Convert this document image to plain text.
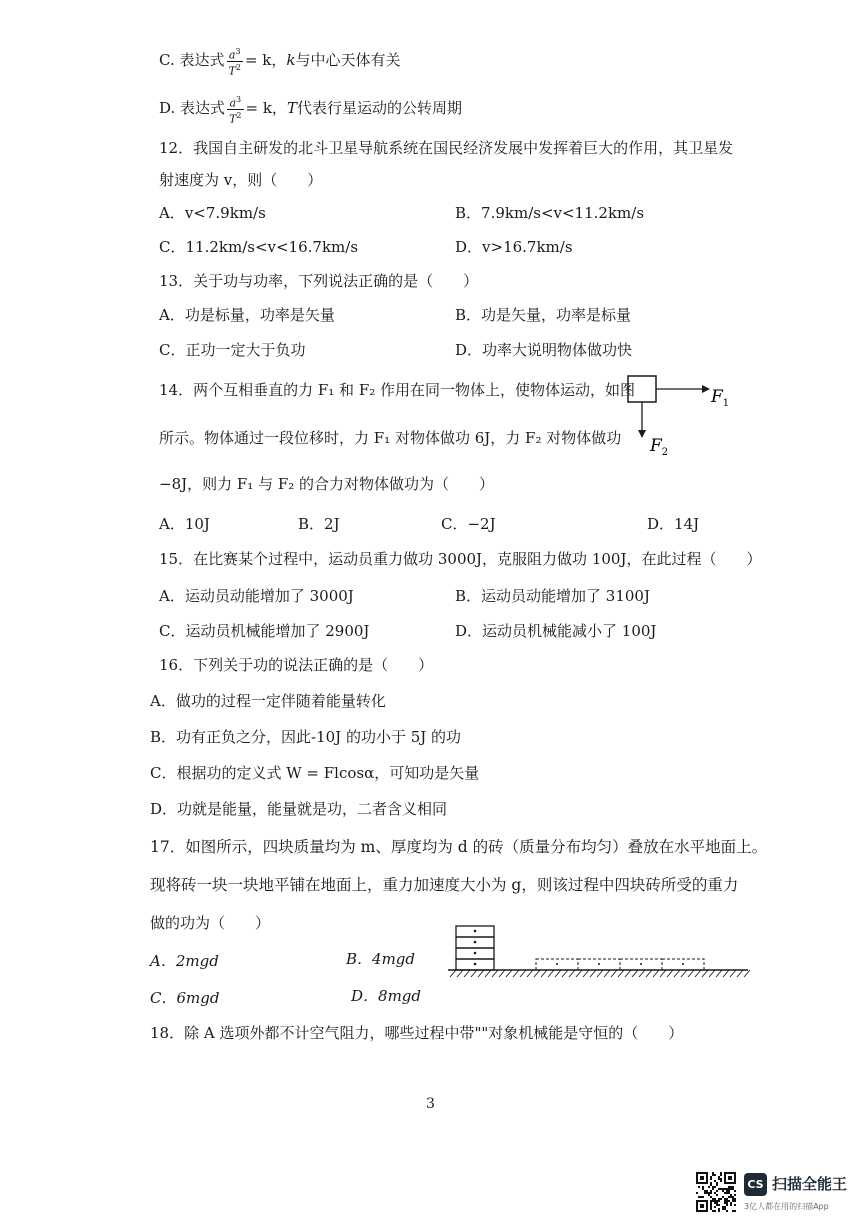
C. 表达式 $\frac{a^3}{T^2} = k$，k与中心天体有关
D. 表达式 $\frac{a^3}{T^2} = k$，T代表行星运动的公转周期
12．我国自主研发的北斗卫星导航系统在国民经济发展中发挥着巨大的作用，其卫星发
射速度为 v，则（　　）
A．v<7.9km/s	B．7.9km/s<v<11.2km/s
C．11.2km/s<v<16.7km/s	D．v>16.7km/s
13．关于功与功率，下列说法正确的是（　　）
A．功是标量，功率是矢量	B．功是矢量，功率是标量
C．正功一定大于负功	D．功率大说明物体做功快
14．两个互相垂直的力 F₁ 和 F₂ 作用在同一物体上，使物体运动，如图
所示。物体通过一段位移时，力 F₁ 对物体做功 6J，力 F₂ 对物体做功
−8J，则力 F₁ 与 F₂ 的合力对物体做功为（　　）
A．10J	B．2J	C．−2J	D．14J
$F_1$
$F_2$
15．在比赛某个过程中，运动员重力做功 3000J，克服阻力做功 100J，在此过程（　　）
A．运动员动能增加了 3000J	B．运动员动能增加了 3100J
C．运动员机械能增加了 2900J	D．运动员机械能减小了 100J
16．下列关于功的说法正确的是（　　）
A．做功的过程一定伴随着能量转化
B．功有正负之分，因此-10J 的功小于 5J 的功
C．根据功的定义式 W = Flcosα，可知功是矢量
D．功就是能量，能量就是功，二者含义相同
17．如图所示，四块质量均为 m、厚度均为 d 的砖（质量分布均匀）叠放在水平地面上。
现将砖一块一块地平铺在地面上，重力加速度大小为 g，则该过程中四块砖所受的重力
做的功为（　　）
A．2mgd	B．4mgd
C．6mgd	D．8mgd
18．除 A 选项外都不计空气阻力，哪些过程中带""对象机械能是守恒的（　　）
3
CS 扫描全能王
3亿人都在用的扫描App
